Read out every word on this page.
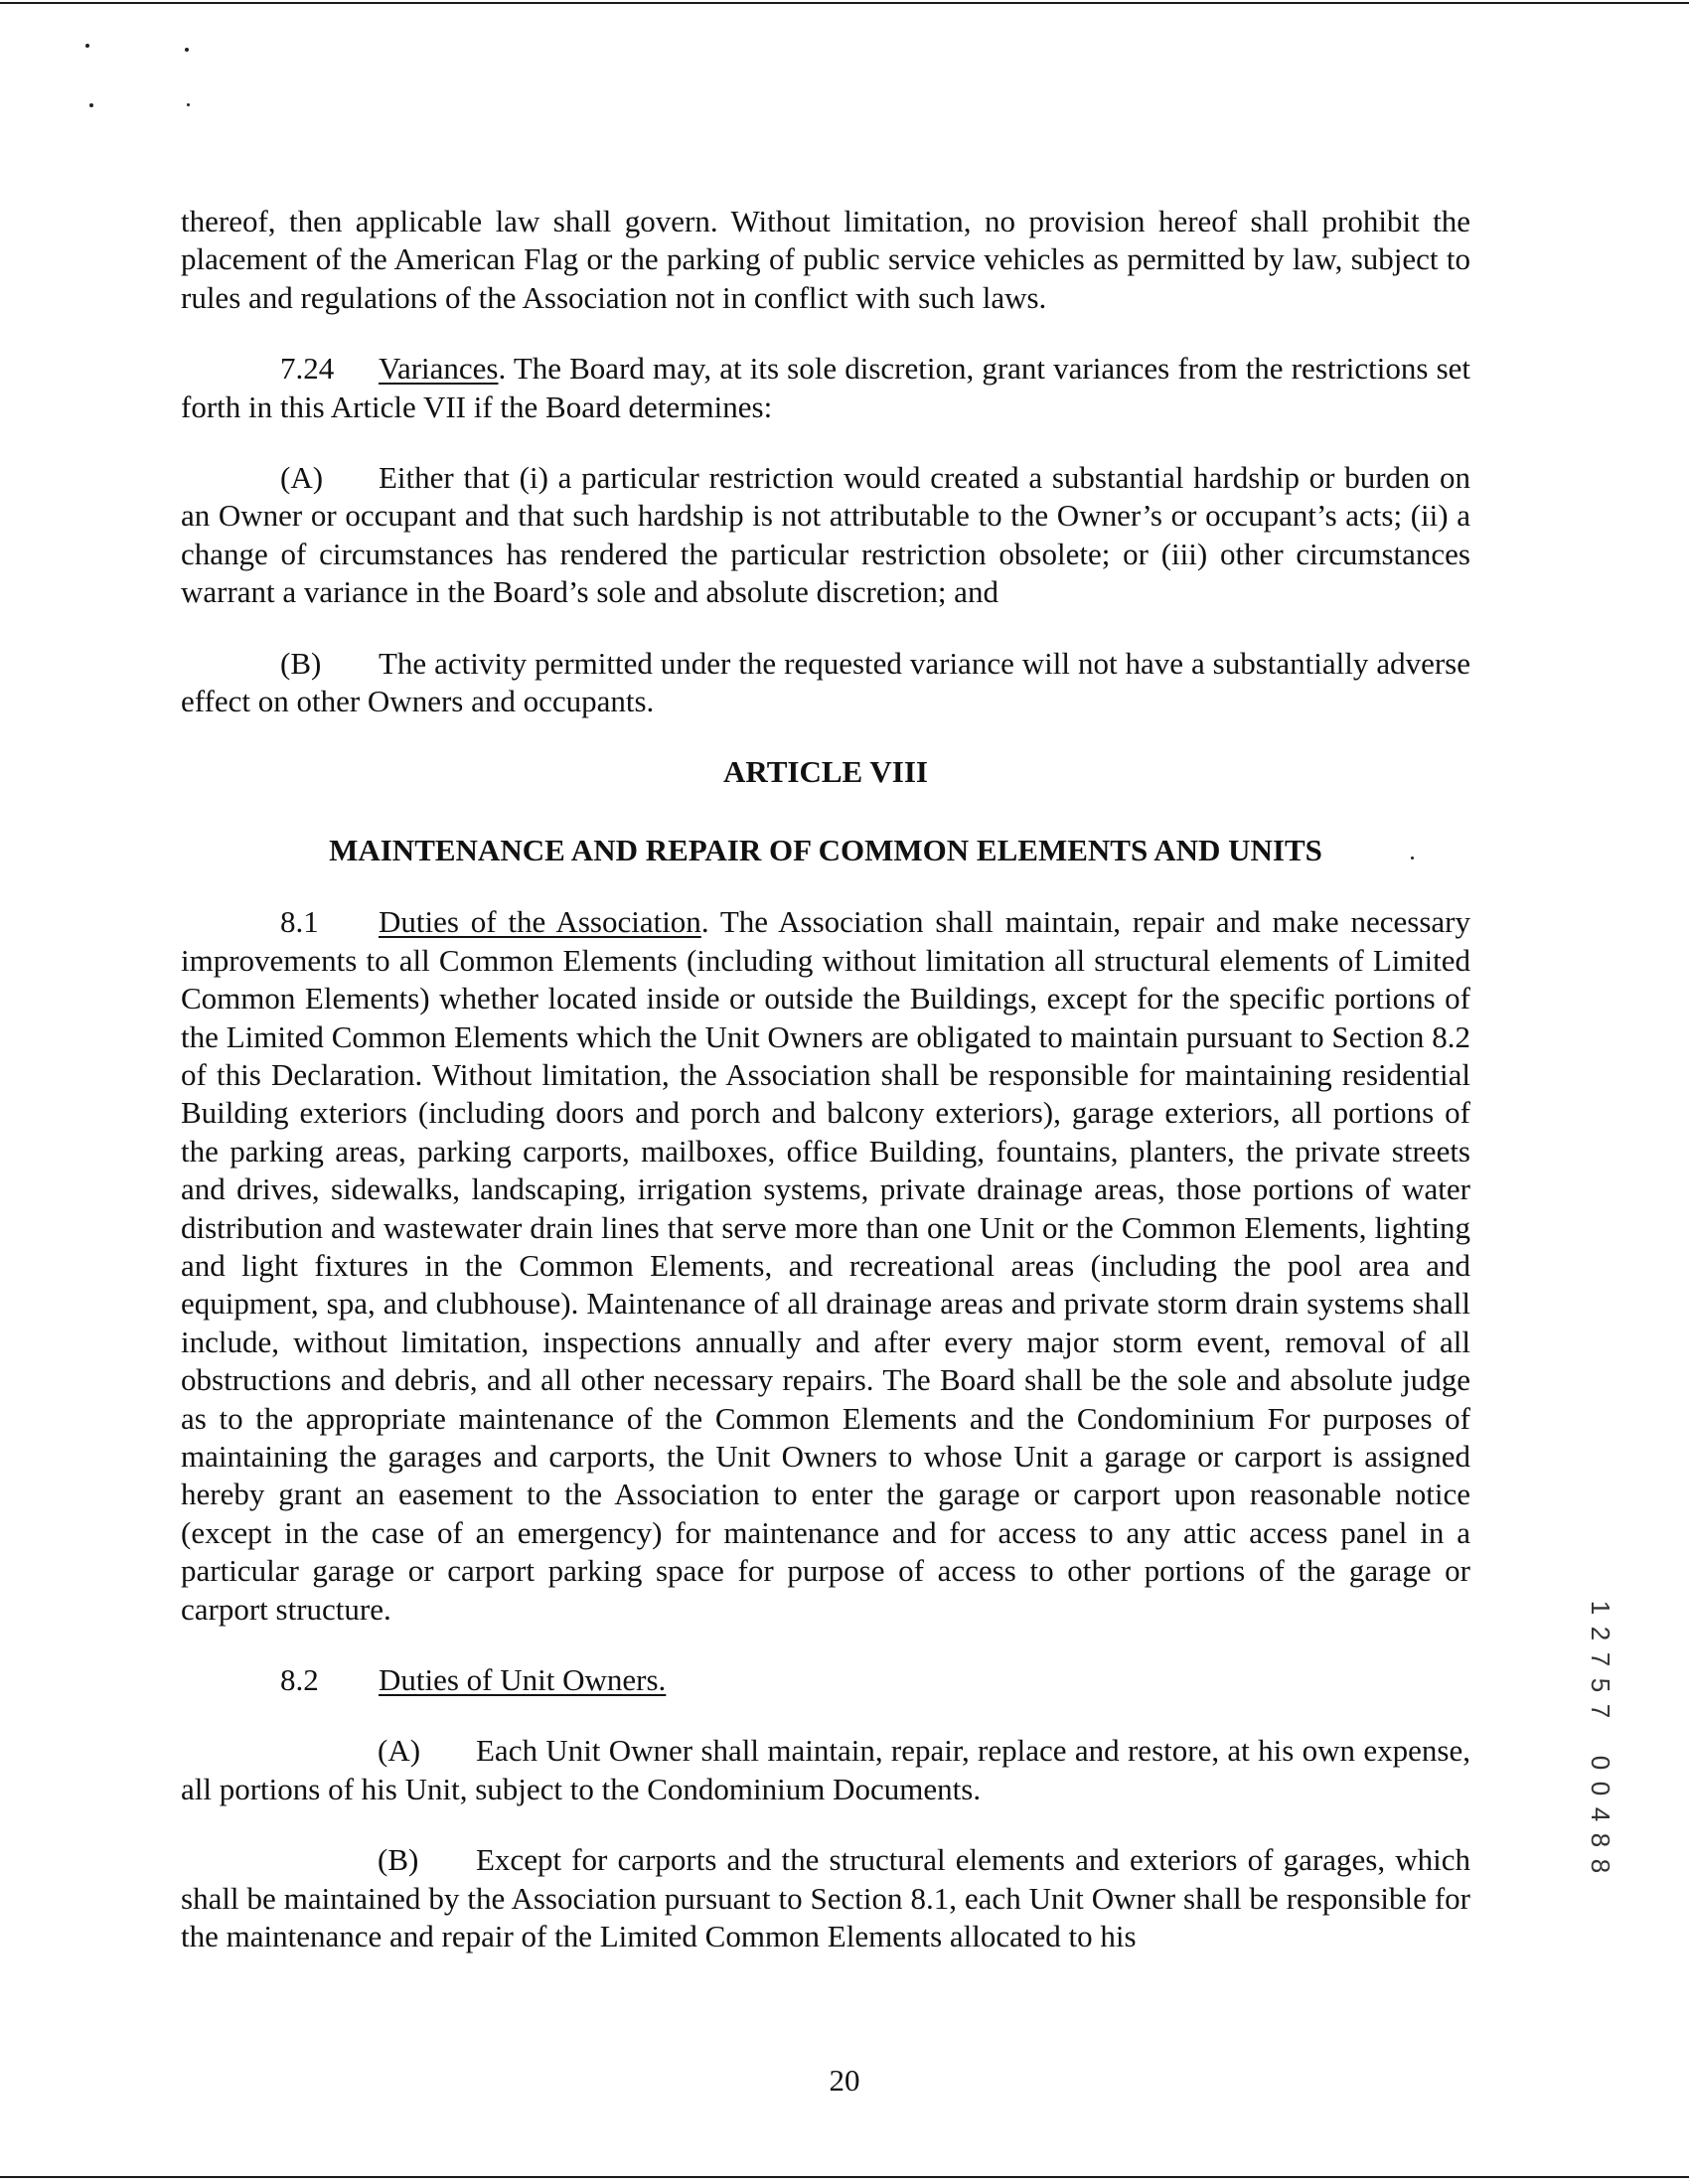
thereof, then applicable law shall govern. Without limitation, no provision hereof shall prohibit the placement of the American Flag or the parking of public service vehicles as permitted by law, subject to rules and regulations of the Association not in conflict with such laws.

7.24 Variances. The Board may, at its sole discretion, grant variances from the restrictions set forth in this Article VII if the Board determines:

(A) Either that (i) a particular restriction would created a substantial hardship or burden on an Owner or occupant and that such hardship is not attributable to the Owner’s or occupant’s acts; (ii) a change of circumstances has rendered the particular restriction obsolete; or (iii) other circumstances warrant a variance in the Board’s sole and absolute discretion; and

(B) The activity permitted under the requested variance will not have a substantially adverse effect on other Owners and occupants.

ARTICLE VIII
MAINTENANCE AND REPAIR OF COMMON ELEMENTS AND UNITS

8.1 Duties of the Association. The Association shall maintain, repair and make necessary improvements to all Common Elements (including without limitation all structural elements of Limited Common Elements) whether located inside or outside the Buildings, except for the specific portions of the Limited Common Elements which the Unit Owners are obligated to maintain pursuant to Section 8.2 of this Declaration. Without limitation, the Association shall be responsible for maintaining residential Building exteriors (including doors and porch and balcony exteriors), garage exteriors, all portions of the parking areas, parking carports, mailboxes, office Building, fountains, planters, the private streets and drives, sidewalks, landscaping, irrigation systems, private drainage areas, those portions of water distribution and wastewater drain lines that serve more than one Unit or the Common Elements, lighting and light fixtures in the Common Elements, and recreational areas (including the pool area and equipment, spa, and clubhouse). Maintenance of all drainage areas and private storm drain systems shall include, without limitation, inspections annually and after every major storm event, removal of all obstructions and debris, and all other necessary repairs. The Board shall be the sole and absolute judge as to the appropriate maintenance of the Common Elements and the Condominium For purposes of maintaining the garages and carports, the Unit Owners to whose Unit a garage or carport is assigned hereby grant an easement to the Association to enter the garage or carport upon reasonable notice (except in the case of an emergency) for maintenance and for access to any attic access panel in a particular garage or carport parking space for purpose of access to other portions of the garage or carport structure.

8.2 Duties of Unit Owners.

(A) Each Unit Owner shall maintain, repair, replace and restore, at his own expense, all portions of his Unit, subject to the Condominium Documents.

(B) Except for carports and the structural elements and exteriors of garages, which shall be maintained by the Association pursuant to Section 8.1, each Unit Owner shall be responsible for the maintenance and repair of the Limited Common Elements allocated to his

1
2
7
5
7
0
0
4
8
8
20
